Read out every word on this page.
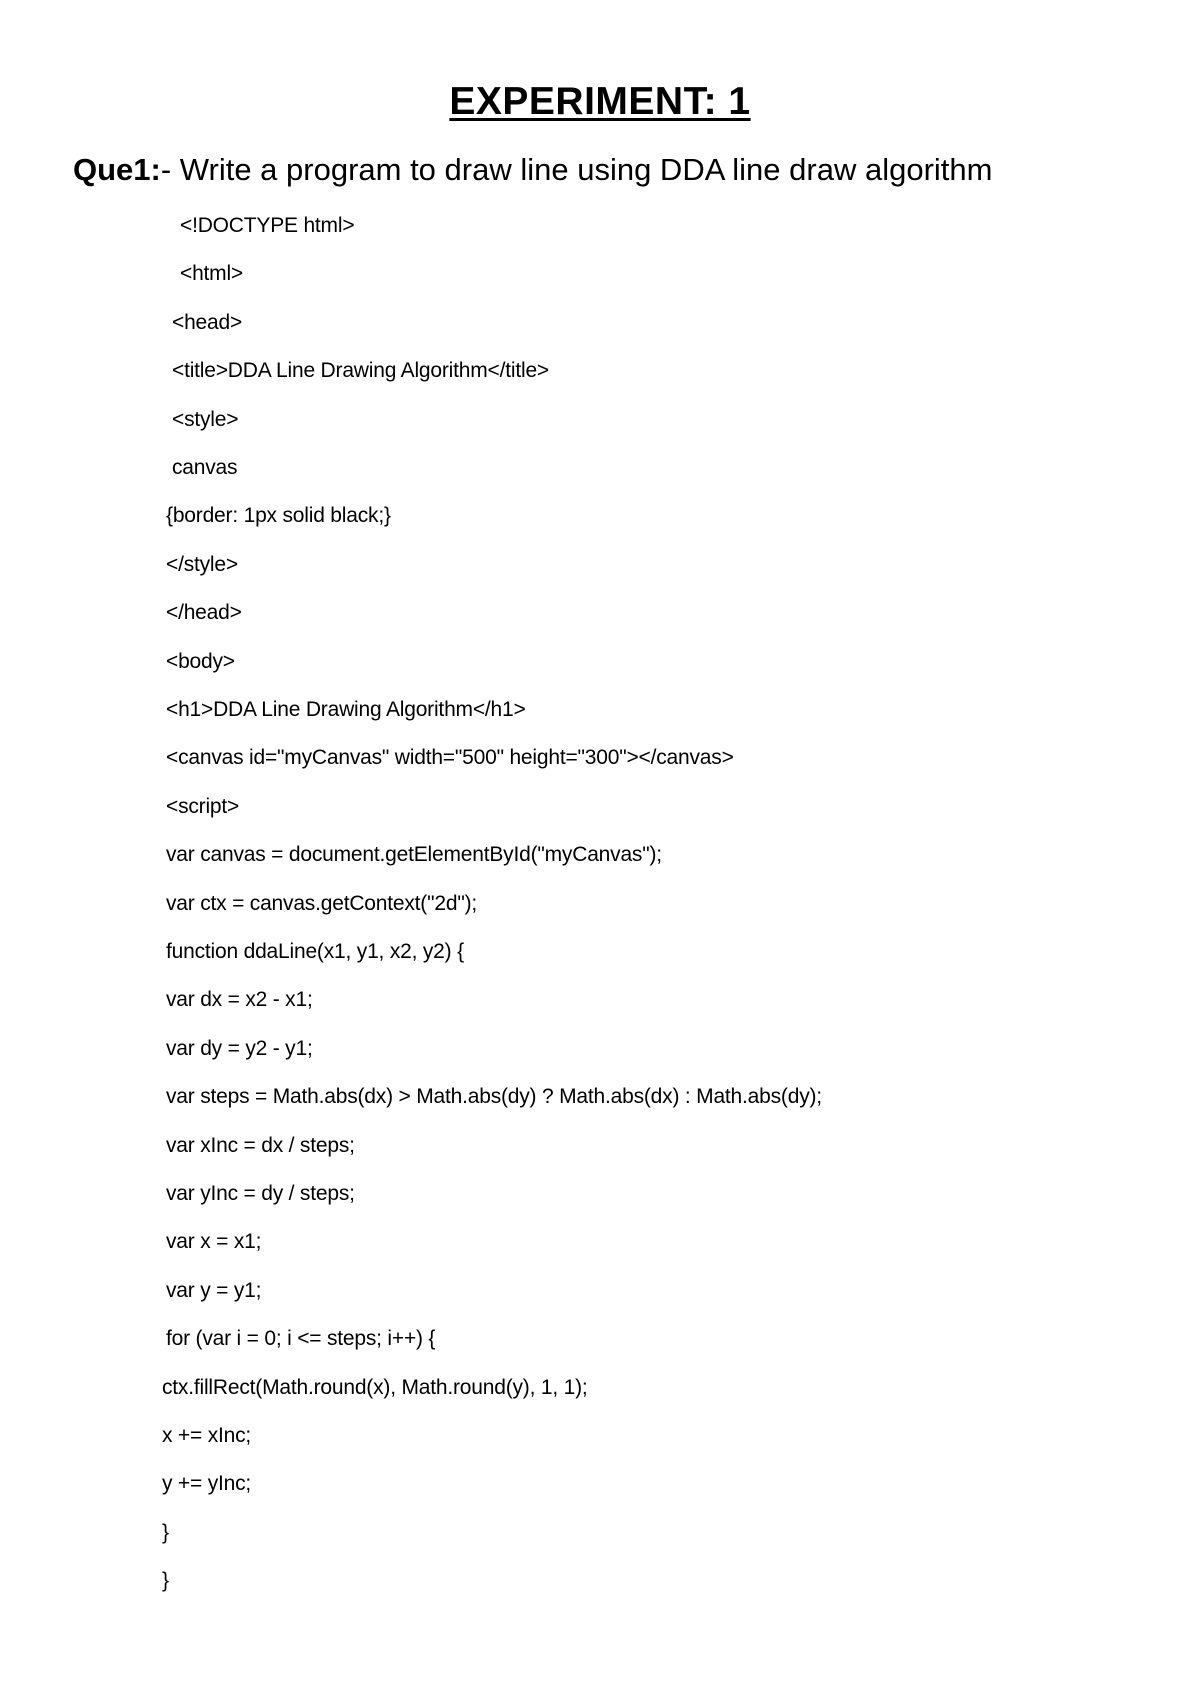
EXPERIMENT: 1
Que1:- Write a program to draw line using DDA line draw algorithm
<!DOCTYPE html>
<html>
<head>
<title>DDA Line Drawing Algorithm</title>
<style>
canvas
{border: 1px solid black;}
</style>
</head>
<body>
<h1>DDA Line Drawing Algorithm</h1>
<canvas id="myCanvas" width="500" height="300"></canvas>
<script>
var canvas = document.getElementById("myCanvas");
var ctx = canvas.getContext("2d");
function ddaLine(x1, y1, x2, y2) {
var dx = x2 - x1;
var dy = y2 - y1;
var steps = Math.abs(dx) > Math.abs(dy) ? Math.abs(dx) : Math.abs(dy);
var xInc = dx / steps;
var yInc = dy / steps;
var x = x1;
var y = y1;
for (var i = 0; i <= steps; i++) {
ctx.fillRect(Math.round(x), Math.round(y), 1, 1);
x += xInc;
y += yInc;
}
}
